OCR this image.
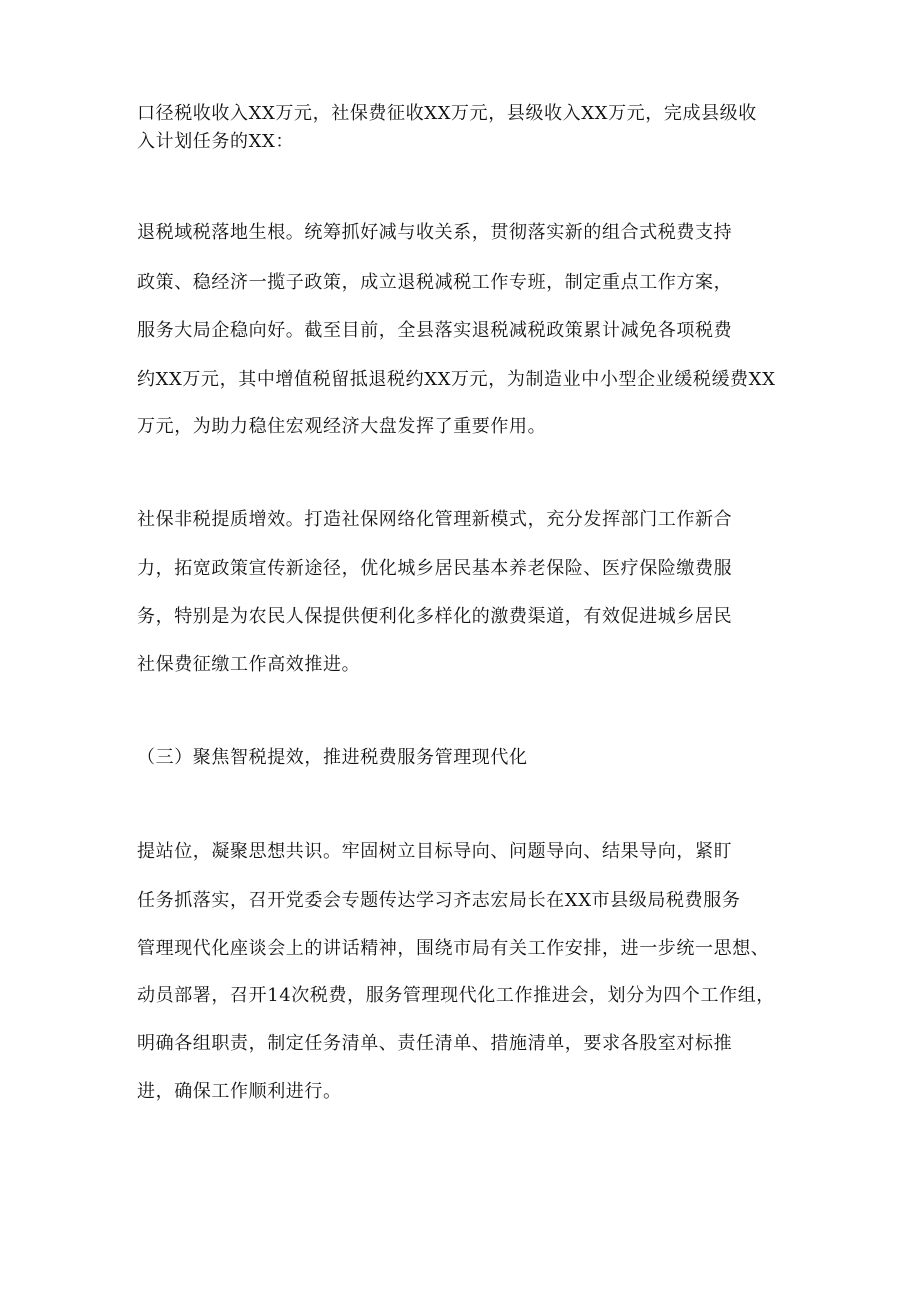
口径税收收入XX万元，社保费征收XX万元，县级收入XX万元，完成县级收
入计划任务的XX：
退税域税落地生根。统筹抓好减与收关系，贯彻落实新的组合式税费支持
政策、稳经济一揽子政策，成立退税减税工作专班，制定重点工作方案，
服务大局企稳向好。截至目前，全县落实退税减税政策累计减免各项税费
约XX万元，其中增值税留抵退税约XX万元，为制造业中小型企业缓税缓费XX
万元，为助力稳住宏观经济大盘发挥了重要作用。
社保非税提质增效。打造社保网络化管理新模式，充分发挥部门工作新合
力，拓宽政策宣传新途径，优化城乡居民基本养老保险、医疗保险缴费服
务，特别是为农民人保提供便利化多样化的激费渠道，有效促进城乡居民
社保费征缴工作高效推进。
（三）聚焦智税提效，推进税费服务管理现代化
提站位，凝聚思想共识。牢固树立目标导向、问题导向、结果导向，紧盯
任务抓落实，召开党委会专题传达学习齐志宏局长在XX市县级局税费服务
管理现代化座谈会上的讲话精神，围绕市局有关工作安排，进一步统一思想、
动员部署，召开14次税费，服务管理现代化工作推进会，划分为四个工作组，
明确各组职责，制定任务清单、责任清单、措施清单，要求各股室对标推
进，确保工作顺利进行。
